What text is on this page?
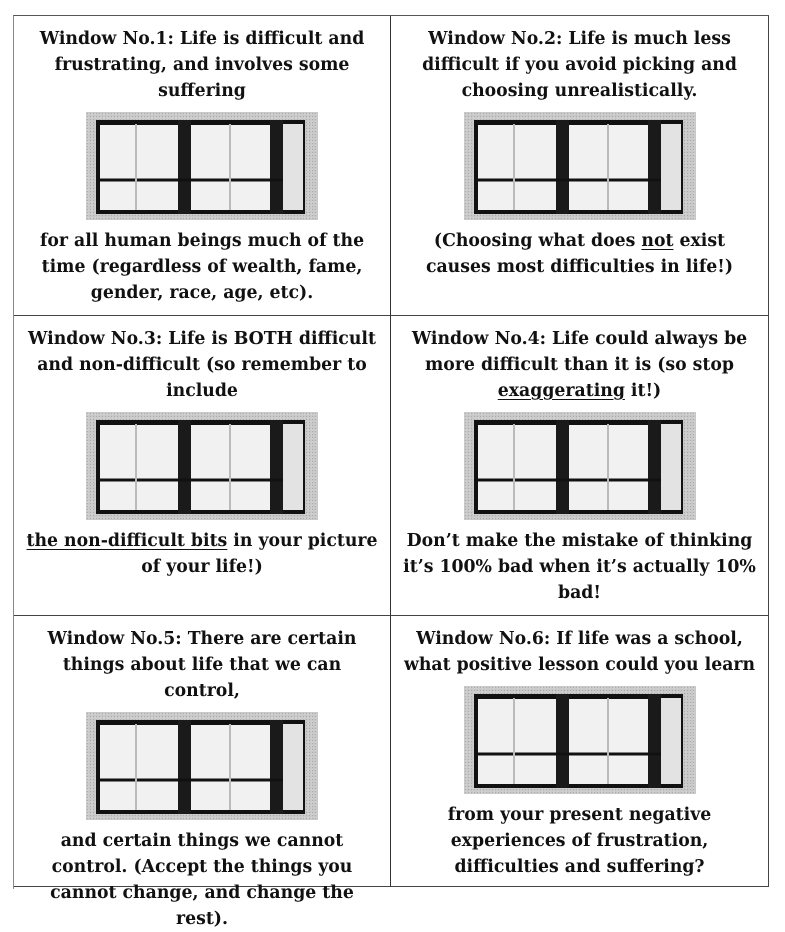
Window No.1: Life is difficult and frustrating, and involves some suffering

for all human beings much of the time (regardless of wealth, fame, gender, race, age, etc).

Window No.2: Life is much less difficult if you avoid picking and choosing unrealistically.

(Choosing what does not exist causes most difficulties in life!)

Window No.3: Life is BOTH difficult and non-difficult (so remember to include

the non-difficult bits in your picture of your life!)

Window No.4: Life could always be more difficult than it is (so stop exaggerating it!)

Don’t make the mistake of thinking it’s 100% bad when it’s actually 10% bad!

Window No.5: There are certain things about life that we can control,

and certain things we cannot control. (Accept the things you cannot change, and change the rest).

Window No.6: If life was a school, what positive lesson could you learn

from your present negative experiences of frustration, difficulties and suffering?
